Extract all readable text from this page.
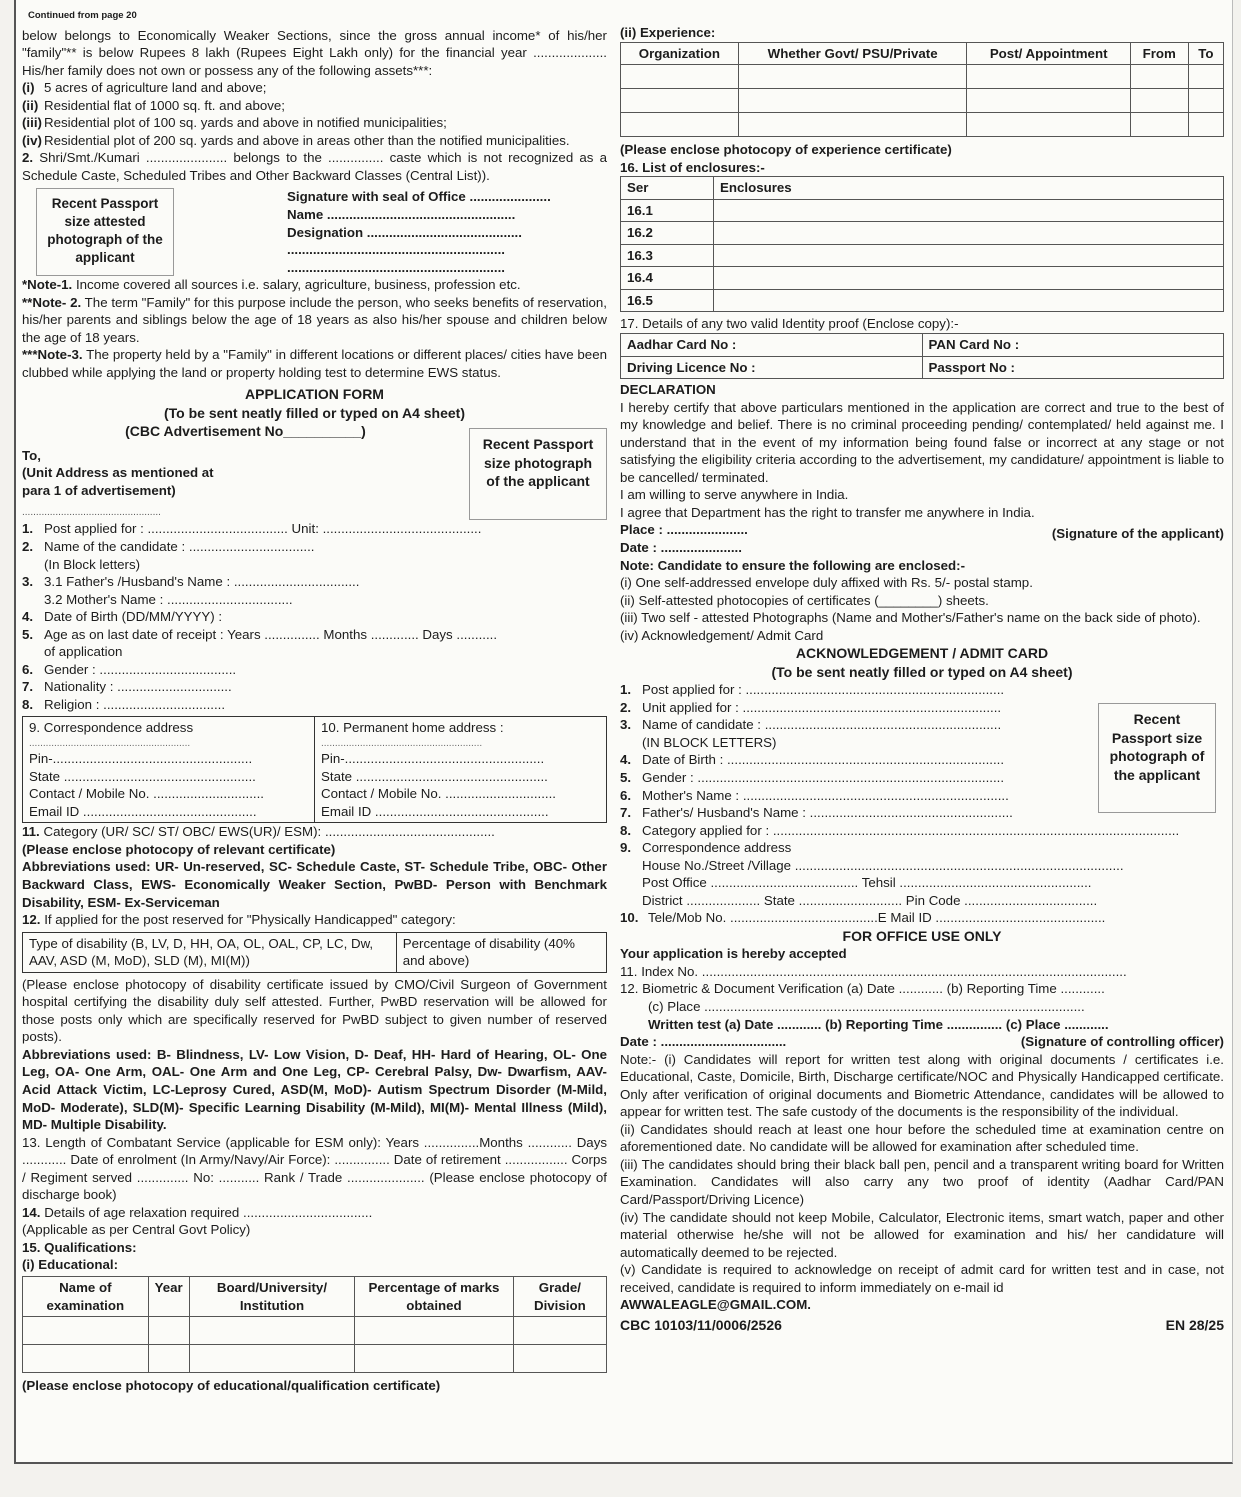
Continued from page 20

below belongs to Economically Weaker Sections, since the gross annual income* of his/her "family"** is below Rupees 8 lakh (Rupees Eight Lakh only) for the financial year .................... His/her family does not own or possess any of the following assets***:

(i) 5 acres of agriculture land and above;
(ii) Residential flat of 1000 sq. ft. and above;
(iii) Residential plot of 100 sq. yards and above in notified municipalities;
(iv) Residential plot of 200 sq. yards and above in areas other than the notified municipalities.

2. Shri/Smt./Kumari ...................... belongs to the ............... caste which is not recognized as a Schedule Caste, Scheduled Tribes and Other Backward Classes (Central List)).

Recent Passport size attested photograph of the applicant
Signature with seal of Office ......................
Name ...................................................
Designation ..........................................
...........................................................
...........................................................

*Note-1. Income covered all sources i.e. salary, agriculture, business, profession etc.

**Note- 2. The term "Family" for this purpose include the person, who seeks benefits of reservation, his/her parents and siblings below the age of 18 years as also his/her spouse and children below the age of 18 years.

***Note-3. The property held by a "Family" in different locations or different places/ cities have been clubbed while applying the land or property holding test to determine EWS status.

APPLICATION FORM
(To be sent neatly filled or typed on A4 sheet)
(CBC Advertisement No__________)
To,
(Unit Address as mentioned at para 1 of advertisement)
..................................................
Recent Passport size photograph of the applicant
1. Post applied for : ...................................... Unit: ...........................................
2. Name of the candidate : ..................................
(In Block letters)
3. 3.1 Father's /Husband's Name : ..................................
3.2 Mother's Name : ..................................
4. Date of Birth (DD/MM/YYYY) :
5. Age as on last date of receipt : Years ............... Months ............. Days ...........
of application
6. Gender : .....................................
7. Nationality : ...............................
8. Religion : .................................
9. Correspondence address
..........................................................
Pin-......................................................
State ....................................................
Contact / Mobile No. ..............................
Email ID ...............................................

10. Permanent home address :
..........................................................
Pin-......................................................
State ....................................................
Contact / Mobile No. ..............................
Email ID ...............................................

11. Category (UR/ SC/ ST/ OBC/ EWS(UR)/ ESM): ..............................................

(Please enclose photocopy of relevant certificate)

Abbreviations used: UR- Un-reserved, SC- Schedule Caste, ST- Schedule Tribe, OBC- Other Backward Class, EWS- Economically Weaker Section, PwBD- Person with Benchmark Disability, ESM- Ex-Serviceman

12. If applied for the post reserved for "Physically Handicapped" category:

Type of disability (B, LV, D, HH, OA, OL, OAL, CP, LC, Dw, AAV, ASD (M, MoD), SLD (M), MI(M))	Percentage of disability (40% and above)

(Please enclose photocopy of disability certificate issued by CMO/Civil Surgeon of Government hospital certifying the disability duly self attested. Further, PwBD reservation will be allowed for those posts only which are specifically reserved for PwBD subject to given number of reserved posts).

Abbreviations used: B- Blindness, LV- Low Vision, D- Deaf, HH- Hard of Hearing, OL- One Leg, OA- One Arm, OAL- One Arm and One Leg, CP- Cerebral Palsy, Dw- Dwarfism, AAV- Acid Attack Victim, LC-Leprosy Cured, ASD(M, MoD)- Autism Spectrum Disorder (M-Mild, MoD- Moderate), SLD(M)- Specific Learning Disability (M-Mild), MI(M)- Mental Illness (Mild), MD- Multiple Disability.

13. Length of Combatant Service (applicable for ESM only): Years ...............Months ............ Days ............ Date of enrolment (In Army/Navy/Air Force): ............... Date of retirement ................. Corps / Regiment served .............. No: ........... Rank / Trade ..................... (Please enclose photocopy of discharge book)

14. Details of age relaxation required ...................................

(Applicable as per Central Govt Policy)

15. Qualifications:

(i) Educational:

Name of examination	Year	Board/University/ Institution	Percentage of marks obtained	Grade/ Division

(Please enclose photocopy of educational/qualification certificate)

(ii) Experience:

Organization	Whether Govt/ PSU/Private	Post/ Appointment	From	To

(Please enclose photocopy of experience certificate)

16. List of enclosures:-

Ser	Enclosures
16.1	
16.2	
16.3	
16.4	
16.5	

17. Details of any two valid Identity proof (Enclose copy):-

Aadhar Card No :	PAN Card No :
Driving Licence No :	Passport No :

DECLARATION

I hereby certify that above particulars mentioned in the application are correct and true to the best of my knowledge and belief. There is no criminal proceeding pending/ contemplated/ held against me. I understand that in the event of my information being found false or incorrect at any stage or not satisfying the eligibility criteria according to the advertisement, my candidature/ appointment is liable to be cancelled/ terminated.

I am willing to serve anywhere in India.

I agree that Department has the right to transfer me anywhere in India.

Place : ......................
Date : ......................
(Signature of the applicant)

Note: Candidate to ensure the following are enclosed:-

(i) One self-addressed envelope duly affixed with Rs. 5/- postal stamp.

(ii) Self-attested photocopies of certificates (________) sheets.

(iii) Two self - attested Photographs (Name and Mother's/Father's name on the back side of photo).

(iv) Acknowledgement/ Admit Card

ACKNOWLEDGEMENT / ADMIT CARD
(To be sent neatly filled or typed on A4 sheet)
Recent Passport size photograph of the applicant
1. Post applied for : ......................................................................
2. Unit applied for : ......................................................................
3. Name of candidate : ................................................................
(IN BLOCK LETTERS)
4. Date of Birth : ...........................................................................
5. Gender : ...................................................................................
6. Mother's Name : ........................................................................
7. Father's/ Husband's Name : .......................................................
8. Category applied for : ..............................................................................................................
9. Correspondence address
House No./Street /Village .........................................................................................
Post Office ........................................ Tehsil ....................................................
District .................... State ............................ Pin Code ....................................
10. Tele/Mob No. ........................................E Mail ID ..............................................
FOR OFFICE USE ONLY

Your application is hereby accepted

11. Index No. ...................................................................................................................

12. Biometric & Document Verification (a) Date ............ (b) Reporting Time ............

(c) Place .......................................................................................................

Written test (a) Date ............ (b) Reporting Time ............... (c) Place ............

Date : ..................................	(Signature of controlling officer)

Note:- (i) Candidates will report for written test along with original documents / certificates i.e. Educational, Caste, Domicile, Birth, Discharge certificate/NOC and Physically Handicapped certificate. Only after verification of original documents and Biometric Attendance, candidates will be allowed to appear for written test. The safe custody of the documents is the responsibility of the individual.

(ii) Candidates should reach at least one hour before the scheduled time at examination centre on aforementioned date. No candidate will be allowed for examination after scheduled time.

(iii) The candidates should bring their black ball pen, pencil and a transparent writing board for Written Examination. Candidates will also carry any two proof of identity (Aadhar Card/PAN Card/Passport/Driving Licence)

(iv) The candidate should not keep Mobile, Calculator, Electronic items, smart watch, paper and other material otherwise he/she will not be allowed for examination and his/ her candidature will automatically deemed to be rejected.

(v) Candidate is required to acknowledge on receipt of admit card for written test and in case, not received, candidate is required to inform immediately on e-mail id

AWWALEAGLE@GMAIL.COM.

CBC 10103/11/0006/2526	EN 28/25
